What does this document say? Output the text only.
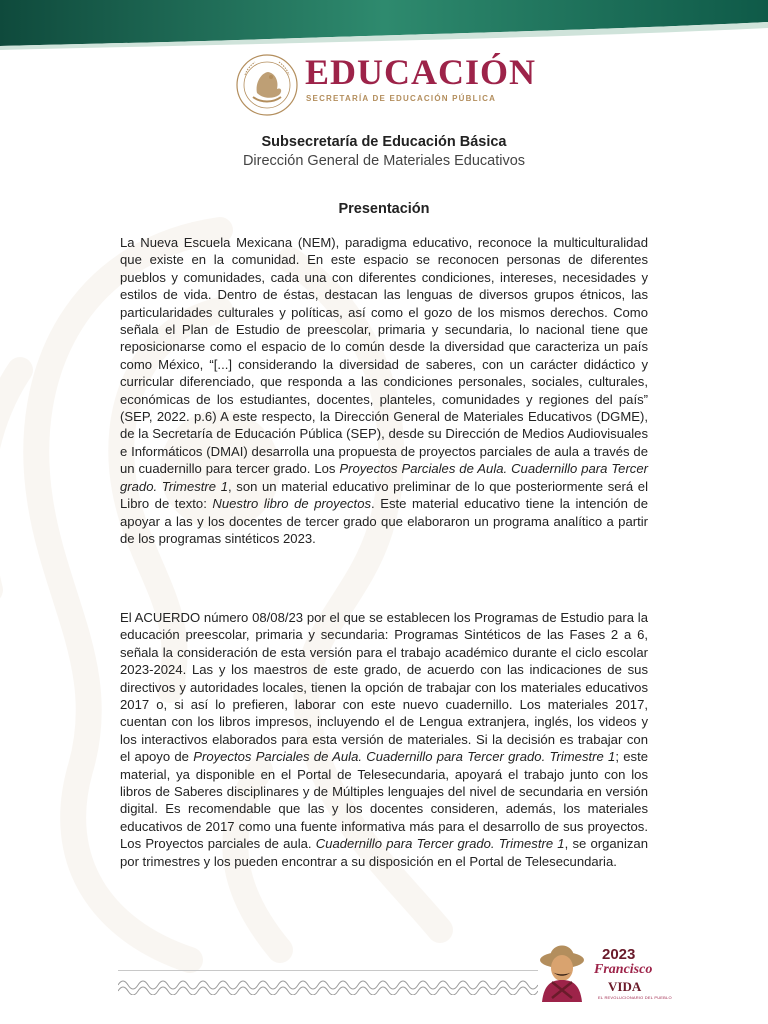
EDUCACIÓN
SECRETARÍA DE EDUCACIÓN PÚBLICA
Subsecretaría de Educación Básica
Dirección General de Materiales Educativos
Presentación
La Nueva Escuela Mexicana (NEM), paradigma educativo, reconoce la multiculturalidad que existe en la comunidad. En este espacio se reconocen personas de diferentes pueblos y comunidades, cada una con diferentes condiciones, intereses, necesidades y estilos de vida. Dentro de éstas, destacan las lenguas de diversos grupos étnicos, las particularidades culturales y políticas, así como el gozo de los mismos derechos. Como señala el Plan de Estudio de preescolar, primaria y secundaria, lo nacional tiene que reposicionarse como el espacio de lo común desde la diversidad que caracteriza un país como México, “[...] considerando la diversidad de saberes, con un carácter didáctico y curricular diferenciado, que responda a las condiciones personales, sociales, culturales, económicas de los estudiantes, docentes, planteles, comunidades y regiones del país” (SEP, 2022. p.6) A este respecto, la Dirección General de Materiales Educativos (DGME), de la Secretaría de Educación Pública (SEP), desde su Dirección de Medios Audiovisuales e Informáticos (DMAI) desarrolla una propuesta de proyectos parciales de aula a través de un cuadernillo para tercer grado. Los Proyectos Parciales de Aula. Cuadernillo para Tercer grado. Trimestre 1, son un material educativo preliminar de lo que posteriormente será el Libro de texto: Nuestro libro de proyectos. Este material educativo tiene la intención de apoyar a las y los docentes de tercer grado que elaboraron un programa analítico a partir de los programas sintéticos 2023.
El ACUERDO número 08/08/23 por el que se establecen los Programas de Estudio para la educación preescolar, primaria y secundaria: Programas Sintéticos de las Fases 2 a 6, señala la consideración de esta versión para el trabajo académico durante el ciclo escolar 2023-2024. Las y los maestros de este grado, de acuerdo con las indicaciones de sus directivos y autoridades locales, tienen la opción de trabajar con los materiales educativos 2017 o, si así lo prefieren, laborar con este nuevo cuadernillo. Los materiales 2017, cuentan con los libros impresos, incluyendo el de Lengua extranjera, inglés, los videos y los interactivos elaborados para esta versión de materiales. Si la decisión es trabajar con el apoyo de Proyectos Parciales de Aula. Cuadernillo para Tercer grado. Trimestre 1; este material, ya disponible en el Portal de Telesecundaria, apoyará el trabajo junto con los libros de Saberes disciplinares y de Múltiples lenguajes del nivel de secundaria en versión digital. Es recomendable que las y los docentes consideren, además, los materiales educativos de 2017 como una fuente informativa más para el desarrollo de sus proyectos. Los Proyectos parciales de aula. Cuadernillo para Tercer grado. Trimestre 1, se organizan por trimestres y los pueden encontrar a su disposición en el Portal de Telesecundaria.
2023
Francisco
VIDA
EL REVOLUCIONARIO DEL PUEBLO
